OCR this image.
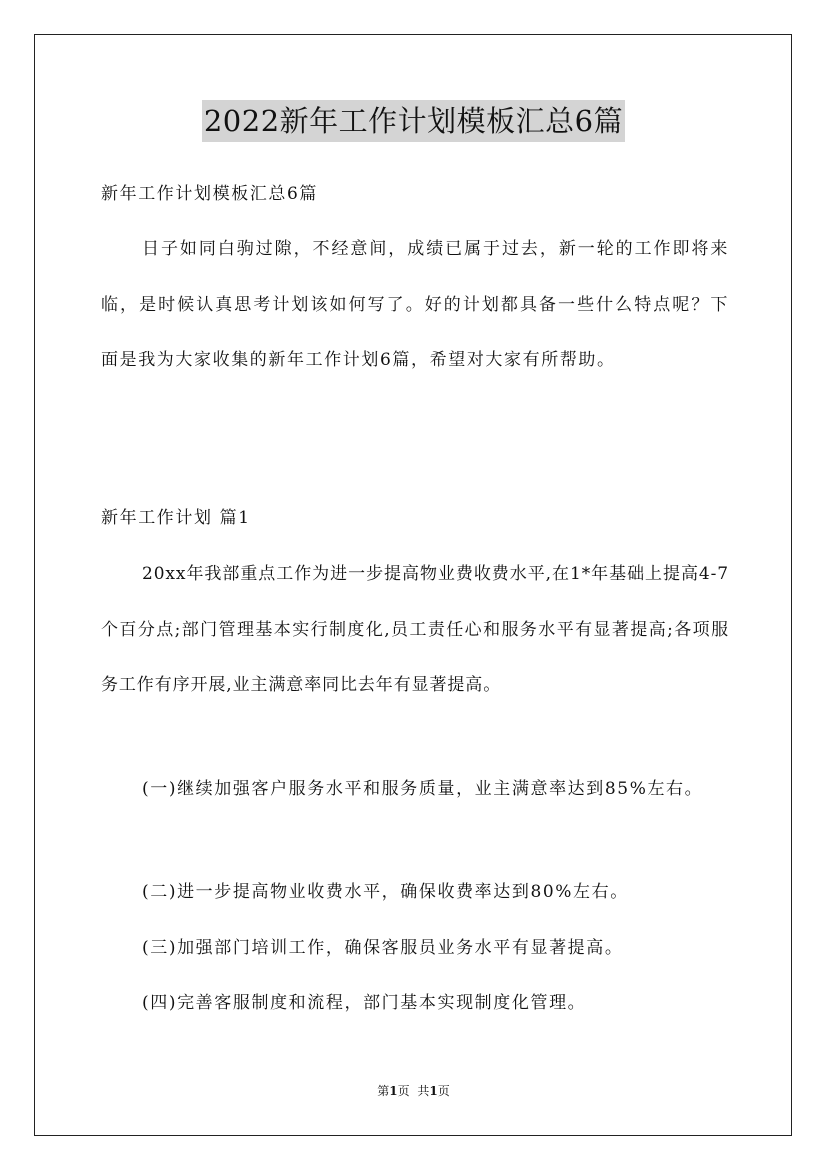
2022新年工作计划模板汇总6篇

新年工作计划模板汇总6篇

日子如同白驹过隙，不经意间，成绩已属于过去，新一轮的工作即将来临，是时候认真思考计划该如何写了。好的计划都具备一些什么特点呢？下面是我为大家收集的新年工作计划6篇，希望对大家有所帮助。

新年工作计划 篇1

20xx年我部重点工作为进一步提高物业费收费水平,在1*年基础上提高4-7个百分点;部门管理基本实行制度化,员工责任心和服务水平有显著提高;各项服务工作有序开展,业主满意率同比去年有显著提高。

(一)继续加强客户服务水平和服务质量，业主满意率达到85%左右。

(二)进一步提高物业收费水平，确保收费率达到80%左右。

(三)加强部门培训工作，确保客服员业务水平有显著提高。

(四)完善客服制度和流程，部门基本实现制度化管理。

第1页 共1页
